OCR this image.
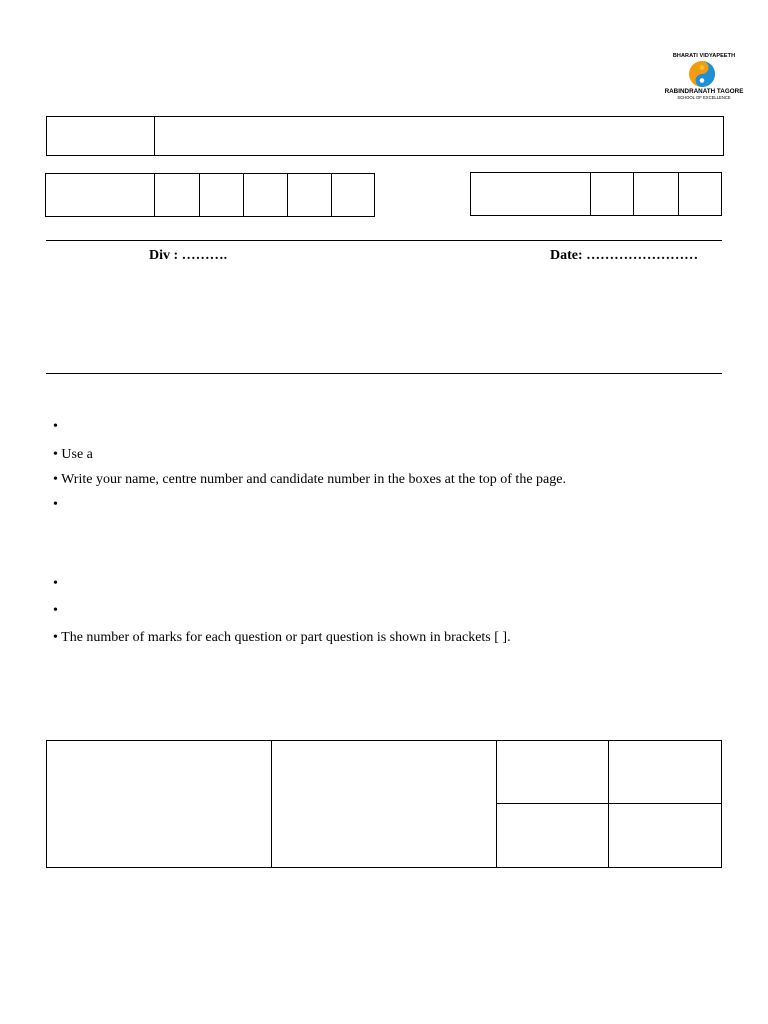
BHARATI VIDYAPEETH
RABINDRANATH TAGORE
SCHOOL OF EXCELLENCE
Div : ……….	Date: ……………………
•
• Use a
• Write your name, centre number and candidate number in the boxes at the top of the page.
•
•
•
• The number of marks for each question or part question is shown in brackets [ ].
